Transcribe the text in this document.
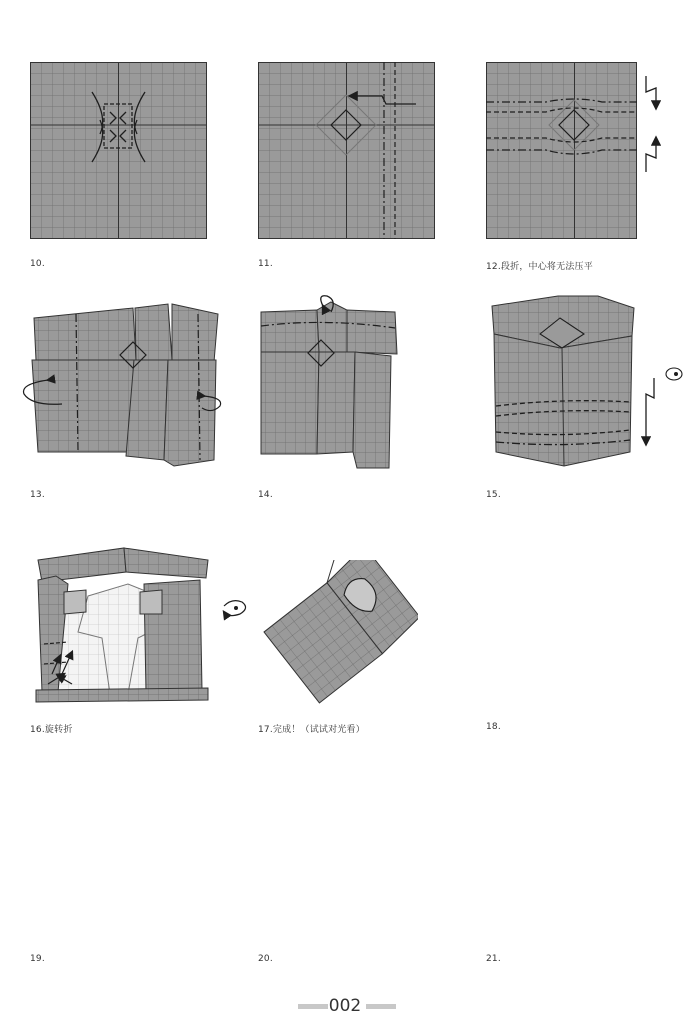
10.	11.	12.段折，中心将无法压平
13.	14.	15.
16.旋转折	17.完成！（试试对光看）	18.
19.	20.	21.
002
